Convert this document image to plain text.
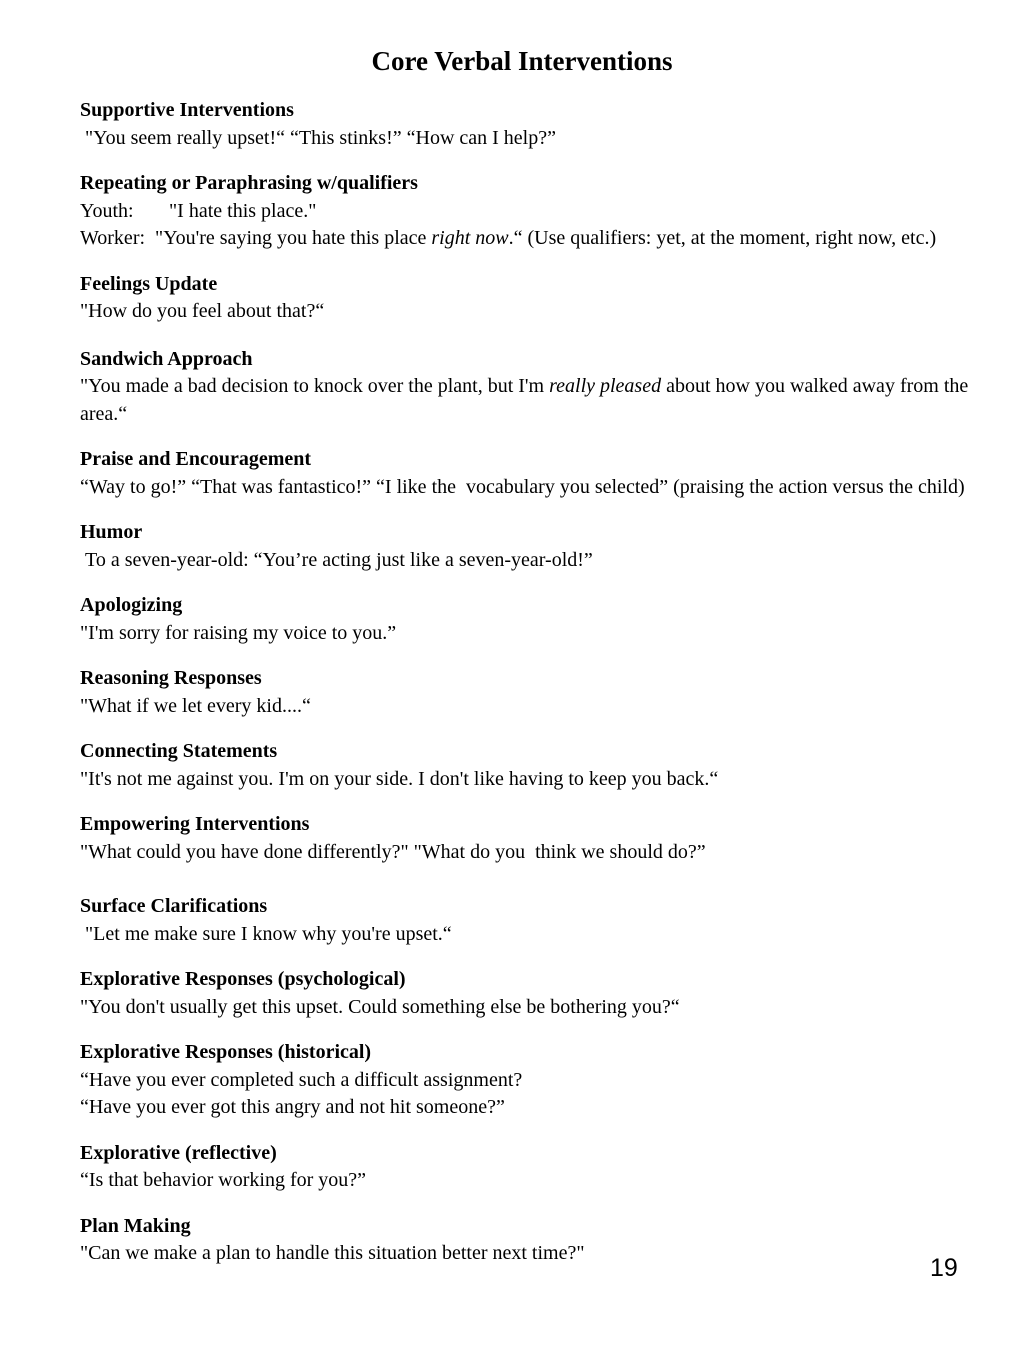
Core Verbal Interventions

Supportive Interventions

"You seem really upset!“ “This stinks!” “How can I help?”

Repeating or Paraphrasing w/qualifiers

Youth: "I hate this place."

Worker: "You're saying you hate this place right now.“ (Use qualifiers: yet, at the moment, right now, etc.)

Feelings Update

"How do you feel about that?“

Sandwich Approach

"You made a bad decision to knock over the plant, but I'm really pleased about how you walked away from the area.“

Praise and Encouragement

“Way to go!” “That was fantastico!” “I like the  vocabulary you selected” (praising the action versus the child)

Humor

To a seven-year-old: “You’re acting just like a seven-year-old!”

Apologizing

"I'm sorry for raising my voice to you.”

Reasoning Responses

"What if we let every kid....“

Connecting Statements

"It's not me against you. I'm on your side. I don't like having to keep you back.“

Empowering Interventions

"What could you have done differently?" "What do you  think we should do?”

Surface Clarifications

"Let me make sure I know why you're upset.“

Explorative Responses (psychological)

"You don't usually get this upset. Could something else be bothering you?“

Explorative Responses (historical)

“Have you ever completed such a difficult assignment?

“Have you ever got this angry and not hit someone?”

Explorative (reflective)

“Is that behavior working for you?”

Plan Making

"Can we make a plan to handle this situation better next time?"

19
